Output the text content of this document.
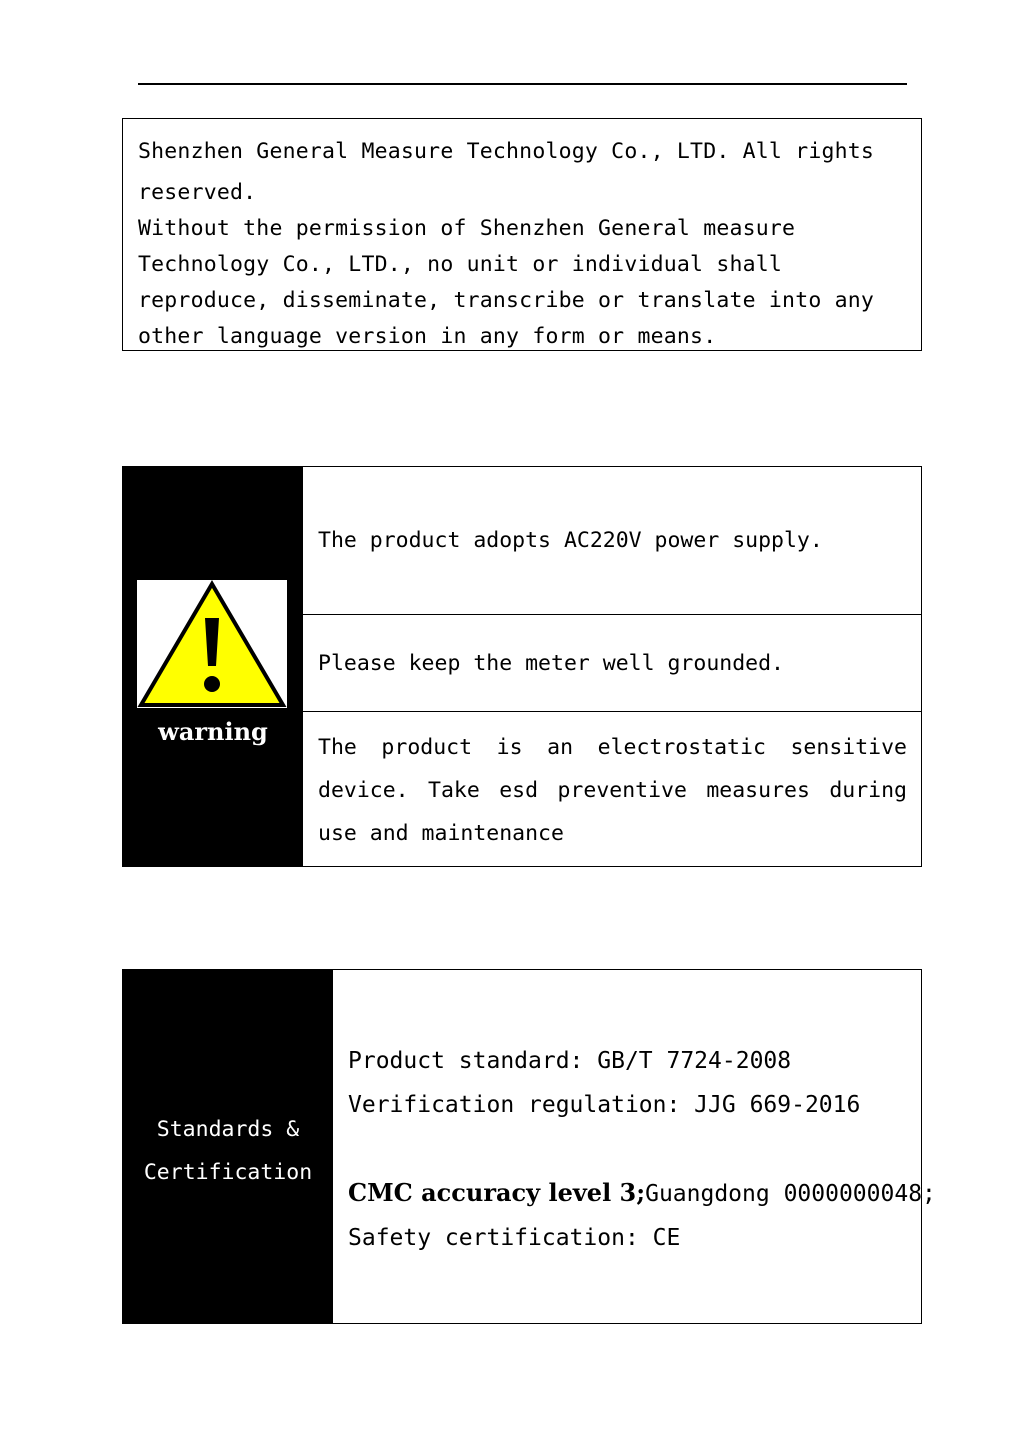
Shenzhen General Measure Technology Co., LTD. All rights
reserved.
Without the permission of Shenzhen General measure Technology Co., LTD., no unit or individual shall reproduce, disseminate, transcribe or translate into any other language version in any form or means.
warning
The product adopts AC220V power supply.
Please keep the meter well grounded.
The product is an electrostatic sensitive device. Take esd preventive measures during use and maintenance
Standards &
Certification
Product standard: GB/T 7724-2008
Verification regulation: JJG 669-2016
CMC accuracy level 3;Guangdong 0000000048;
Safety certification: CE
